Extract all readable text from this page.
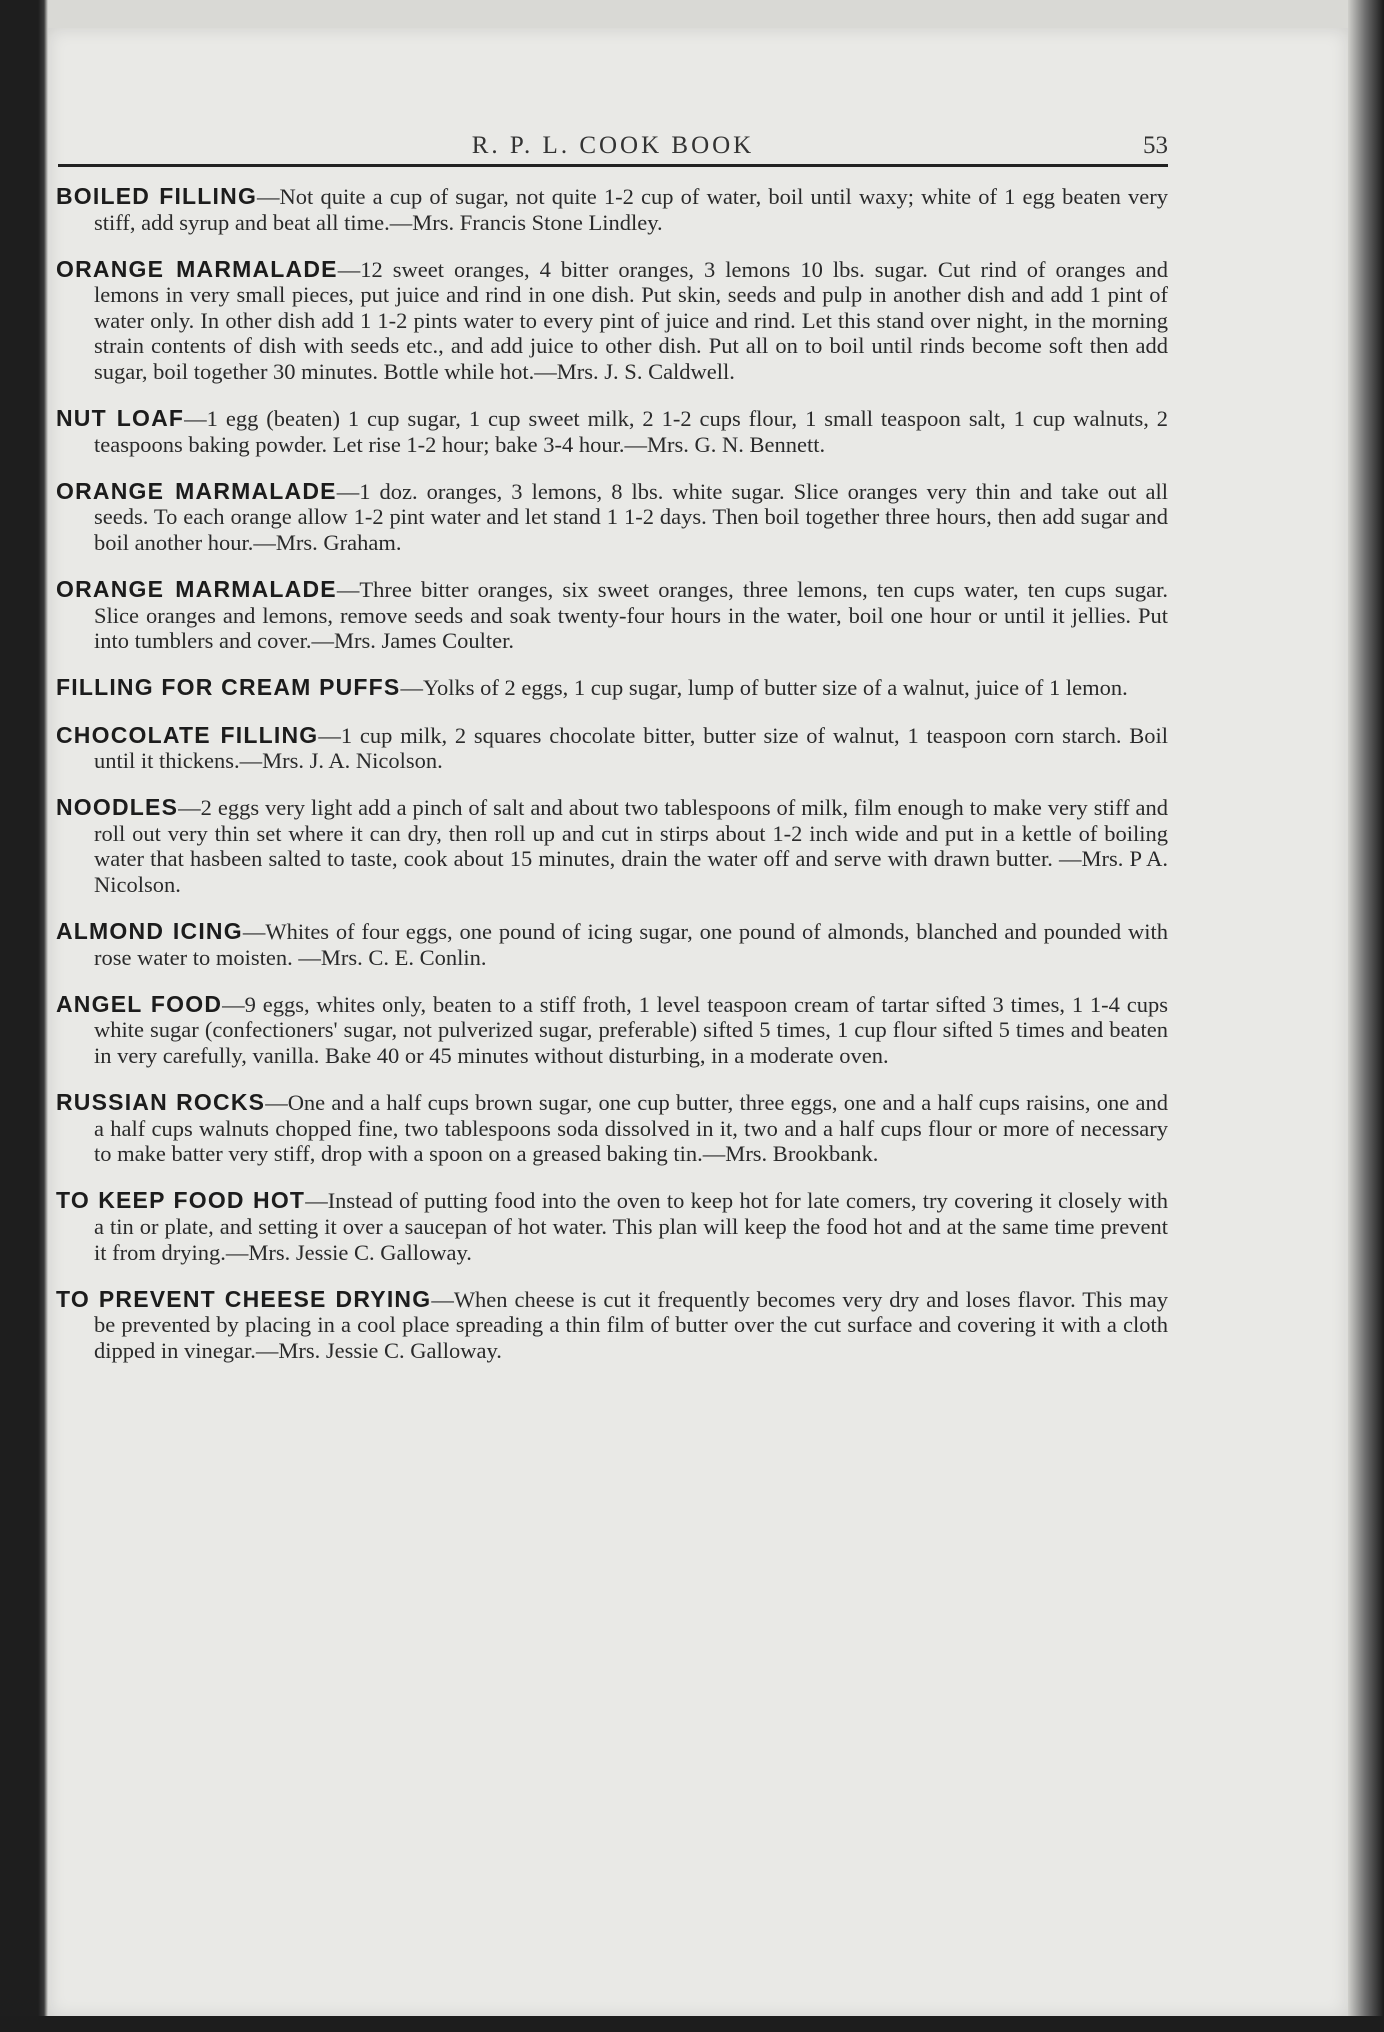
R. P. L. COOK BOOK	53

BOILED FILLING—Not quite a cup of sugar, not quite 1-2 cup of water, boil until waxy; white of 1 egg beaten very stiff, add syrup and beat all time.—Mrs. Francis Stone Lindley.

ORANGE MARMALADE—12 sweet oranges, 4 bitter oranges, 3 lemons 10 lbs. sugar. Cut rind of oranges and lemons in very small pieces, put juice and rind in one dish. Put skin, seeds and pulp in another dish and add 1 pint of water only. In other dish add 1 1-2 pints water to every pint of juice and rind. Let this stand over night, in the morning strain contents of dish with seeds etc., and add juice to other dish. Put all on to boil until rinds become soft then add sugar, boil together 30 minutes. Bottle while hot.—Mrs. J. S. Caldwell.

NUT LOAF—1 egg (beaten) 1 cup sugar, 1 cup sweet milk, 2 1-2 cups flour, 1 small teaspoon salt, 1 cup walnuts, 2 teaspoons baking powder. Let rise 1-2 hour; bake 3-4 hour.—Mrs. G. N. Bennett.

ORANGE MARMALADE—1 doz. oranges, 3 lemons, 8 lbs. white sugar. Slice oranges very thin and take out all seeds. To each orange allow 1-2 pint water and let stand 1 1-2 days. Then boil together three hours, then add sugar and boil another hour.—Mrs. Graham.

ORANGE MARMALADE—Three bitter oranges, six sweet oranges, three lemons, ten cups water, ten cups sugar. Slice oranges and lemons, remove seeds and soak twenty-four hours in the water, boil one hour or until it jellies. Put into tumblers and cover.—Mrs. James Coulter.

FILLING FOR CREAM PUFFS—Yolks of 2 eggs, 1 cup sugar, lump of butter size of a walnut, juice of 1 lemon.

CHOCOLATE FILLING—1 cup milk, 2 squares chocolate bitter, butter size of walnut, 1 teaspoon corn starch. Boil until it thickens.—Mrs. J. A. Nicolson.

NOODLES—2 eggs very light add a pinch of salt and about two tablespoons of milk, film enough to make very stiff and roll out very thin set where it can dry, then roll up and cut in stirps about 1-2 inch wide and put in a kettle of boiling water that hasbeen salted to taste, cook about 15 minutes, drain the water off and serve with drawn butter. —Mrs. P A. Nicolson.

ALMOND ICING—Whites of four eggs, one pound of icing sugar, one pound of almonds, blanched and pounded with rose water to moisten. —Mrs. C. E. Conlin.

ANGEL FOOD—9 eggs, whites only, beaten to a stiff froth, 1 level teaspoon cream of tartar sifted 3 times, 1 1-4 cups white sugar (confectioners' sugar, not pulverized sugar, preferable) sifted 5 times, 1 cup flour sifted 5 times and beaten in very carefully, vanilla. Bake 40 or 45 minutes without disturbing, in a moderate oven.

RUSSIAN ROCKS—One and a half cups brown sugar, one cup butter, three eggs, one and a half cups raisins, one and a half cups walnuts chopped fine, two tablespoons soda dissolved in it, two and a half cups flour or more of necessary to make batter very stiff, drop with a spoon on a greased baking tin.—Mrs. Brookbank.

TO KEEP FOOD HOT—Instead of putting food into the oven to keep hot for late comers, try covering it closely with a tin or plate, and setting it over a saucepan of hot water. This plan will keep the food hot and at the same time prevent it from drying.—Mrs. Jessie C. Galloway.

TO PREVENT CHEESE DRYING—When cheese is cut it frequently becomes very dry and loses flavor. This may be prevented by placing in a cool place spreading a thin film of butter over the cut surface and covering it with a cloth dipped in vinegar.—Mrs. Jessie C. Galloway.
